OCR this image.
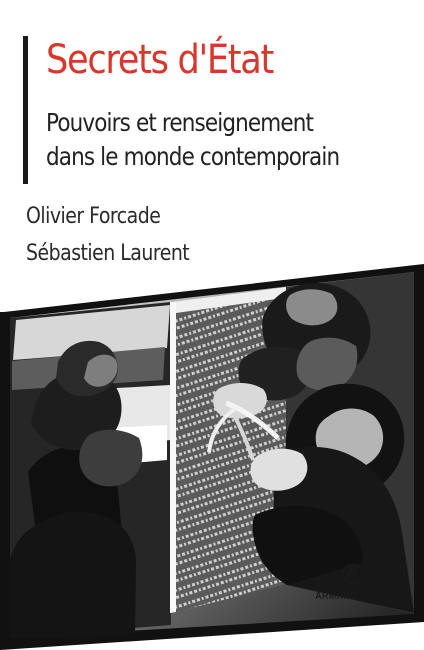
Secrets d'État
Pouvoirs et renseignement
dans le monde contemporain
Olivier Forcade
Sébastien Laurent
ARMAND COLIN
